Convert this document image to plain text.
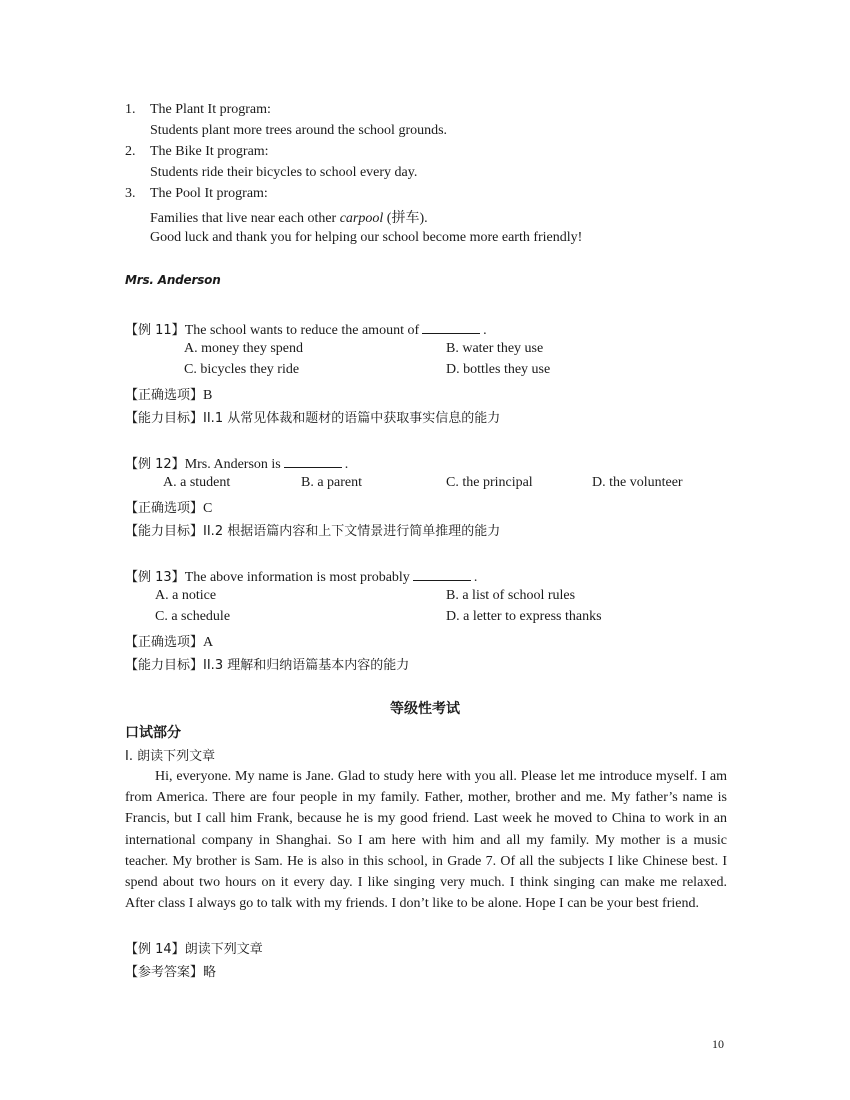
1. The Plant It program:
Students plant more trees around the school grounds.
2. The Bike It program:
Students ride their bicycles to school every day.
3. The Pool It program:
Families that live near each other carpool (拼车).
Good luck and thank you for helping our school become more earth friendly!
Mrs. Anderson
【例 11】The school wants to reduce the amount of	.
A. money they spend	B. water they use
C. bicycles they ride	D. bottles they use
【正确选项】B
【能力目标】II.1 从常见体裁和题材的语篇中获取事实信息的能力
【例 12】Mrs. Anderson is	.
A. a student	B. a parent	C. the principal	D. the volunteer
【正确选项】C
【能力目标】II.2 根据语篇内容和上下文情景进行简单推理的能力
【例 13】The above information is most probably	.
A. a notice	B. a list of school rules
C. a schedule	D. a letter to express thanks
【正确选项】A
【能力目标】II.3 理解和归纳语篇基本内容的能力
等级性考试
口试部分
I. 朗读下列文章
Hi, everyone. My name is Jane. Glad to study here with you all. Please let me introduce myself. I am from America. There are four people in my family. Father, mother, brother and me. My father’s name is Francis, but I call him Frank, because he is my good friend. Last week he moved to China to work in an international company in Shanghai. So I am here with him and all my family. My mother is a music teacher. My brother is Sam. He is also in this school, in Grade 7. Of all the subjects I like Chinese best. I spend about two hours on it every day. I like singing very much. I think singing can make me relaxed. After class I always go to talk with my friends. I don’t like to be alone. Hope I can be your best friend.
【例 14】朗读下列文章
【参考答案】略
10
